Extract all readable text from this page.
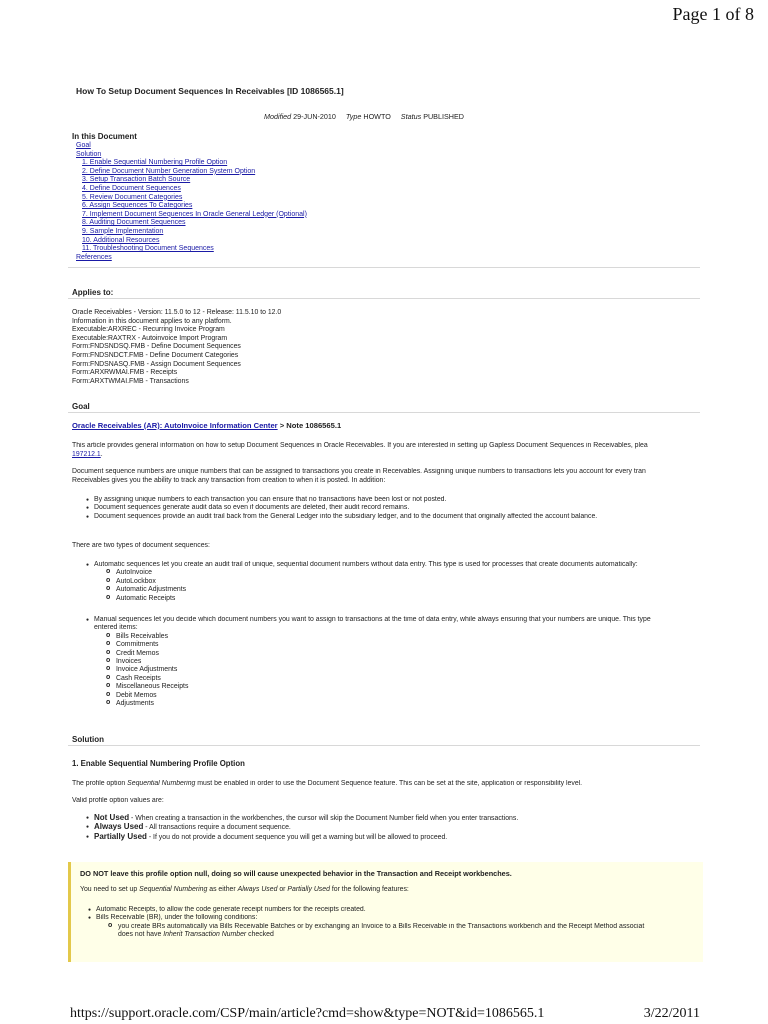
Page 1 of 8
How To Setup Document Sequences In Receivables [ID 1086565.1]
Modified 29-JUN-2010 Type HOWTO Status PUBLISHED
In this Document
Goal
Solution
1. Enable Sequential Numbering Profile Option
2. Define Document Number Generation System Option
3. Setup Transaction Batch Source
4. Define Document Sequences
5. Review Document Categories
6. Assign Sequences To Categories
7. Implement Document Sequences In Oracle General Ledger (Optional)
8. Auditing Document Sequences
9. Sample Implementation
10. Additional Resources
11. Troubleshooting Document Sequences
References
Applies to:
Oracle Receivables - Version: 11.5.0 to 12 - Release: 11.5.10 to 12.0
Information in this document applies to any platform.
Executable:ARXREC - Recurring Invoice Program
Executable:RAXTRX - Autoinvoice Import Program
Form:FNDSNDSQ.FMB - Define Document Sequences
Form:FNDSNDCT.FMB - Define Document Categories
Form:FNDSNASQ.FMB - Assign Document Sequences
Form:ARXRWMAI.FMB - Receipts
Form:ARXTWMAI.FMB - Transactions
Goal
Oracle Receivables (AR): AutoInvoice Information Center > Note 1086565.1
This article provides general information on how to setup Document Sequences in Oracle Receivables. If you are interested in setting up Gapless Document Sequences in Receivables, plea
197212.1.
Document sequence numbers are unique numbers that can be assigned to transactions you create in Receivables. Assigning unique numbers to transactions lets you account for every tran
Receivables gives you the ability to track any transaction from creation to when it is posted. In addition:
● By assigning unique numbers to each transaction you can ensure that no transactions have been lost or not posted.
● Document sequences generate audit data so even if documents are deleted, their audit record remains.
● Document sequences provide an audit trail back from the General Ledger into the subsidiary ledger, and to the document that originally affected the account balance.
There are two types of document sequences:
● Automatic sequences let you create an audit trail of unique, sequential document numbers without data entry. This type is used for processes that create documents automatically:
o AutoInvoice
o AutoLockbox
o Automatic Adjustments
o Automatic Receipts
● Manual sequences let you decide which document numbers you want to assign to transactions at the time of data entry, while always ensuring that your numbers are unique. This type
entered items:
o Bills Receivables
o Commitments
o Credit Memos
o Invoices
o Invoice Adjustments
o Cash Receipts
o Miscellaneous Receipts
o Debit Memos
o Adjustments
Solution
1. Enable Sequential Numbering Profile Option
The profile option Sequential Numbering must be enabled in order to use the Document Sequence feature. This can be set at the site, application or responsibility level.
Valid profile option values are:
● Not Used - When creating a transaction in the workbenches, the cursor will skip the Document Number field when you enter transactions.
● Always Used - All transactions require a document sequence.
● Partially Used - If you do not provide a document sequence you will get a warning but will be allowed to proceed.
DO NOT leave this profile option null, doing so will cause unexpected behavior in the Transaction and Receipt workbenches.
You need to set up Sequential Numbering as either Always Used or Partially Used for the following features:
● Automatic Receipts, to allow the code generate receipt numbers for the receipts created.
● Bills Receivable (BR), under the following conditions:
o you create BRs automatically via Bills Receivable Batches or by exchanging an Invoice to a Bills Receivable in the Transactions workbench and the Receipt Method associat
does not have Inherit Transaction Number checked
https://support.oracle.com/CSP/main/article?cmd=show&type=NOT&id=1086565.1	3/22/2011
